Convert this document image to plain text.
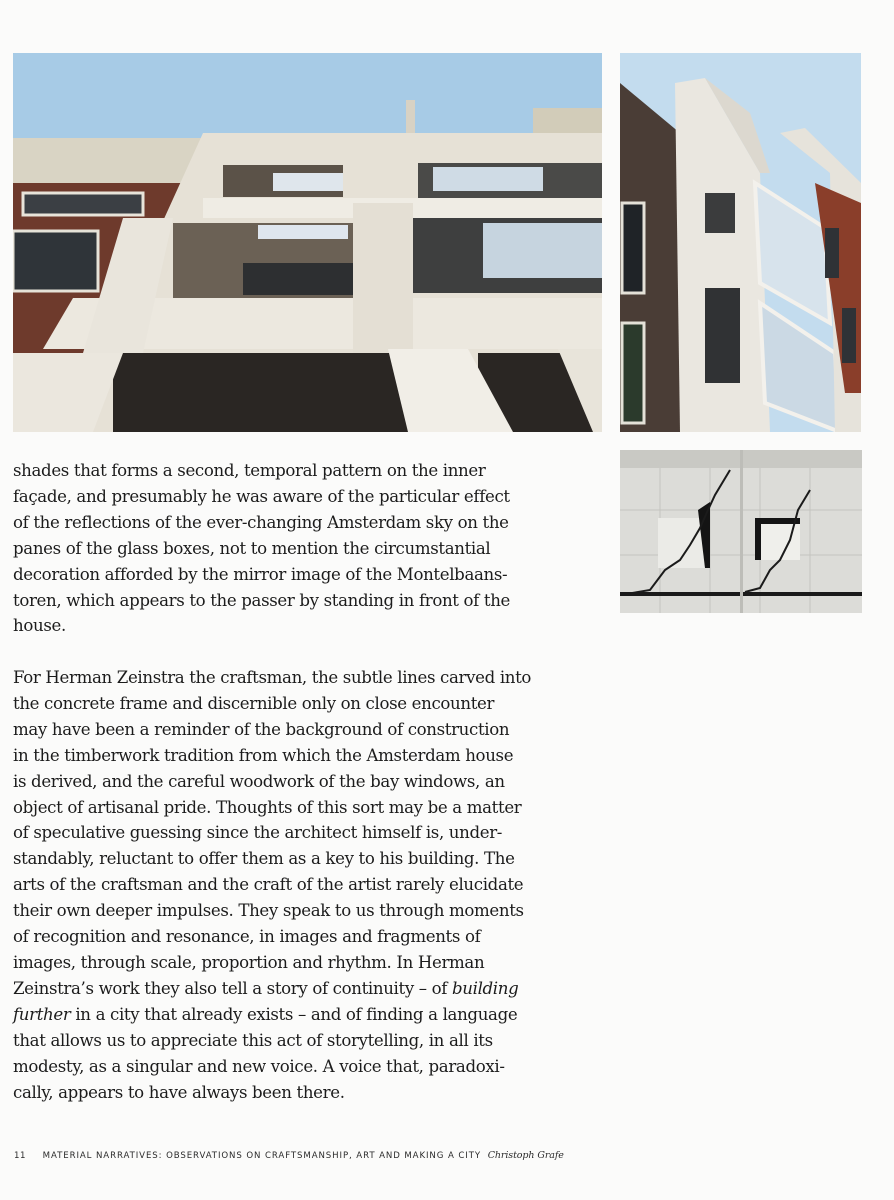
shades that forms a second, temporal pattern on the inner
façade, and presumably he was aware of the particular effect
of the reflections of the ever-changing Amsterdam sky on the
panes of the glass boxes, not to mention the circumstantial
decoration afforded by the mirror image of the Montelbaans-
toren, which appears to the passer by standing in front of the
house.
For Herman Zeinstra the craftsman, the subtle lines carved into
the concrete frame and discernible only on close encounter
may have been a reminder of the background of construction
in the timberwork tradition from which the Amsterdam house
is derived, and the careful woodwork of the bay windows, an
object of artisanal pride. Thoughts of this sort may be a matter
of speculative guessing since the architect himself is, under-
standably, reluctant to offer them as a key to his building. The
arts of the craftsman and the craft of the artist rarely elucidate
their own deeper impulses. They speak to us through moments
of recognition and resonance, in images and fragments of
images, through scale, proportion and rhythm. In Herman
Zeinstra’s work they also tell a story of continuity – of building
further in a city that already exists – and of finding a language
that allows us to appreciate this act of storytelling, in all its
modesty, as a singular and new voice. A voice that, paradoxi-
cally, appears to have always been there.
11 MATERIAL NARRATIVES: OBSERVATIONS ON CRAFTSMANSHIP, ART AND MAKING A CITY Christoph Grafe
